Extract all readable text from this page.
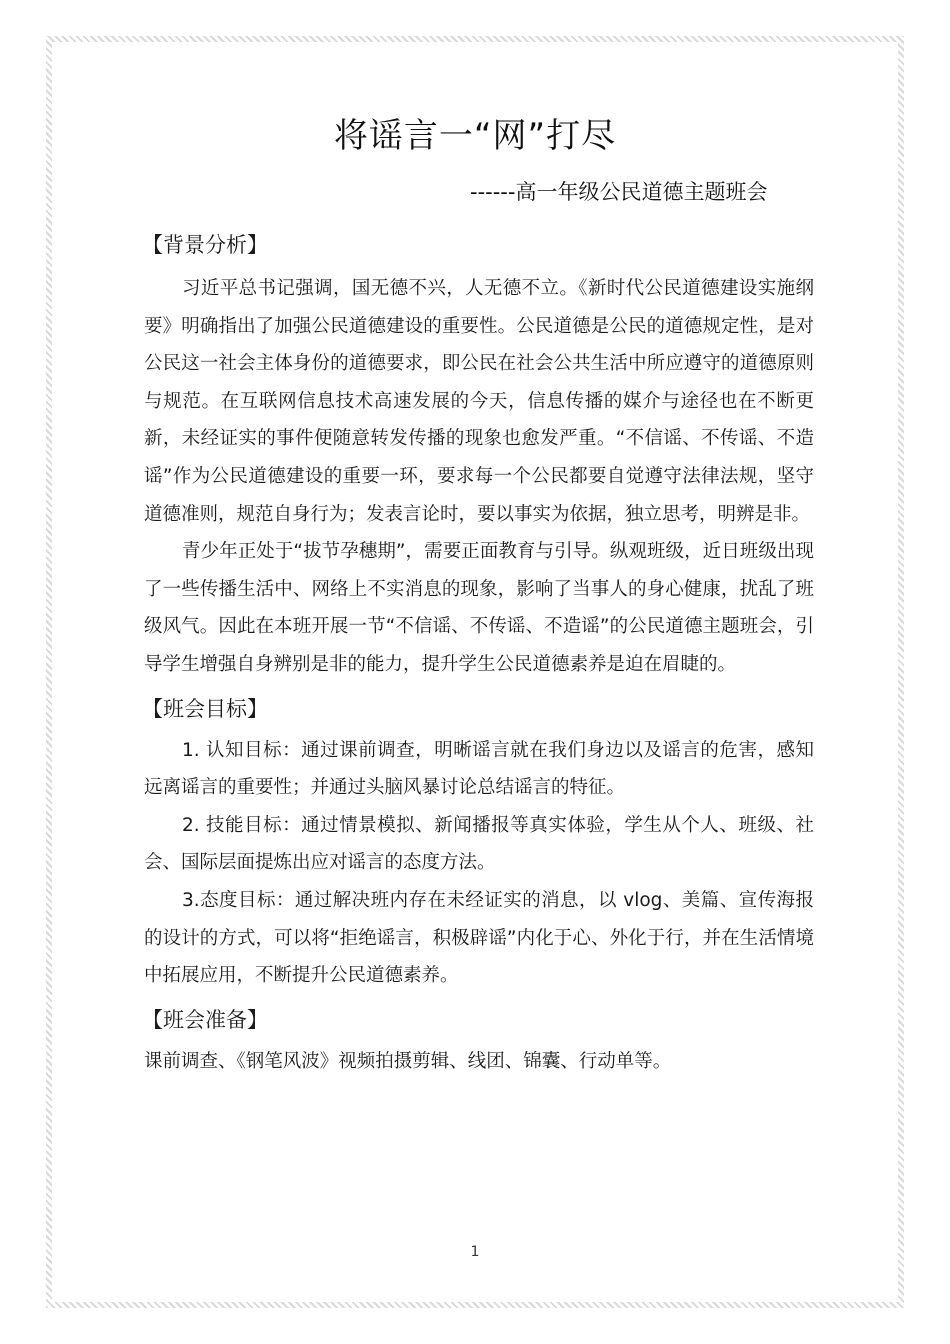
将谣言一“网”打尽
------高一年级公民道德主题班会
【背景分析】

习近平总书记强调，国无德不兴，人无德不立。《新时代公民道德建设实施纲要》明确指出了加强公民道德建设的重要性。公民道德是公民的道德规定性，是对公民这一社会主体身份的道德要求，即公民在社会公共生活中所应遵守的道德原则与规范。在互联网信息技术高速发展的今天，信息传播的媒介与途径也在不断更新，未经证实的事件便随意转发传播的现象也愈发严重。“不信谣、不传谣、不造谣”作为公民道德建设的重要一环，要求每一个公民都要自觉遵守法律法规，坚守道德准则，规范自身行为；发表言论时，要以事实为依据，独立思考，明辨是非。

青少年正处于“拔节孕穗期”，需要正面教育与引导。纵观班级，近日班级出现了一些传播生活中、网络上不实消息的现象，影响了当事人的身心健康，扰乱了班级风气。因此在本班开展一节“不信谣、不传谣、不造谣”的公民道德主题班会，引导学生增强自身辨别是非的能力，提升学生公民道德素养是迫在眉睫的。

【班会目标】

1. 认知目标：通过课前调查，明晰谣言就在我们身边以及谣言的危害，感知远离谣言的重要性；并通过头脑风暴讨论总结谣言的特征。

2. 技能目标：通过情景模拟、新闻播报等真实体验，学生从个人、班级、社会、国际层面提炼出应对谣言的态度方法。

3.态度目标：通过解决班内存在未经证实的消息，以 vlog、美篇、宣传海报的设计的方式，可以将“拒绝谣言，积极辟谣”内化于心、外化于行，并在生活情境中拓展应用，不断提升公民道德素养。

【班会准备】

课前调查、《钢笔风波》视频拍摄剪辑、线团、锦囊、行动单等。

1
